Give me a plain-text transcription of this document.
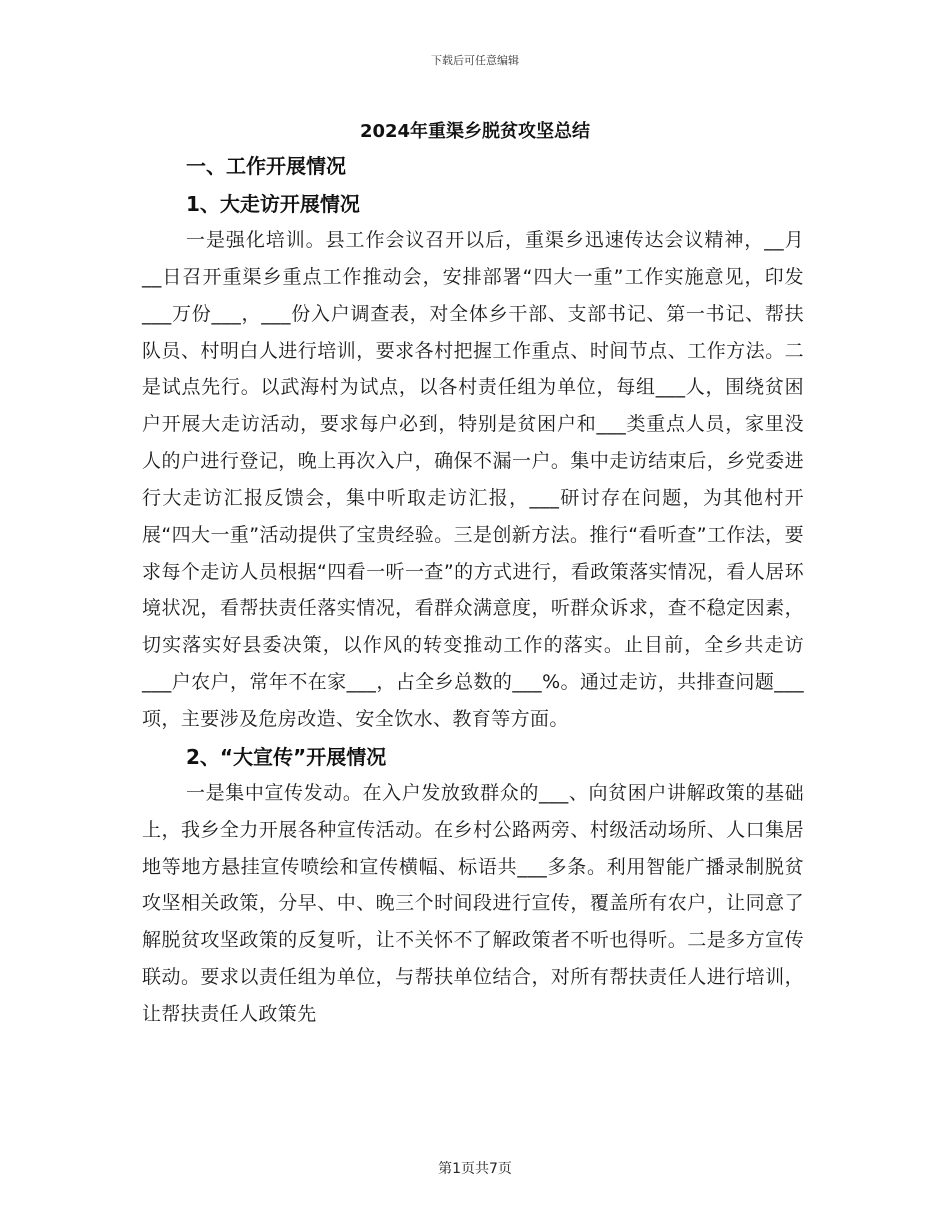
下载后可任意编辑
2024年重渠乡脱贫攻坚总结

一、工作开展情况

1、大走访开展情况

一是强化培训。县工作会议召开以后，重渠乡迅速传达会议精神，__月__日召开重渠乡重点工作推动会，安排部署“四大一重”工作实施意见，印发___万份___，___份入户调查表，对全体乡干部、支部书记、第一书记、帮扶队员、村明白人进行培训，要求各村把握工作重点、时间节点、工作方法。二是试点先行。以武海村为试点，以各村责任组为单位，每组___人，围绕贫困户开展大走访活动，要求每户必到，特别是贫困户和___类重点人员，家里没人的户进行登记，晚上再次入户，确保不漏一户。集中走访结束后，乡党委进行大走访汇报反馈会，集中听取走访汇报，___研讨存在问题，为其他村开展“四大一重”活动提供了宝贵经验。三是创新方法。推行“看听查”工作法，要求每个走访人员根据“四看一听一查”的方式进行，看政策落实情况，看人居环境状况，看帮扶责任落实情况，看群众满意度，听群众诉求，查不稳定因素，切实落实好县委决策，以作风的转变推动工作的落实。止目前，全乡共走访___户农户，常年不在家___，占全乡总数的___%。通过走访，共排查问题___项，主要涉及危房改造、安全饮水、教育等方面。

2、“大宣传”开展情况

一是集中宣传发动。在入户发放致群众的___、向贫困户讲解政策的基础上，我乡全力开展各种宣传活动。在乡村公路两旁、村级活动场所、人口集居地等地方悬挂宣传喷绘和宣传横幅、标语共___多条。利用智能广播录制脱贫攻坚相关政策，分早、中、晚三个时间段进行宣传，覆盖所有农户，让同意了解脱贫攻坚政策的反复听，让不关怀不了解政策者不听也得听。二是多方宣传联动。要求以责任组为单位，与帮扶单位结合，对所有帮扶责任人进行培训，让帮扶责任人政策先

第1页共7页
